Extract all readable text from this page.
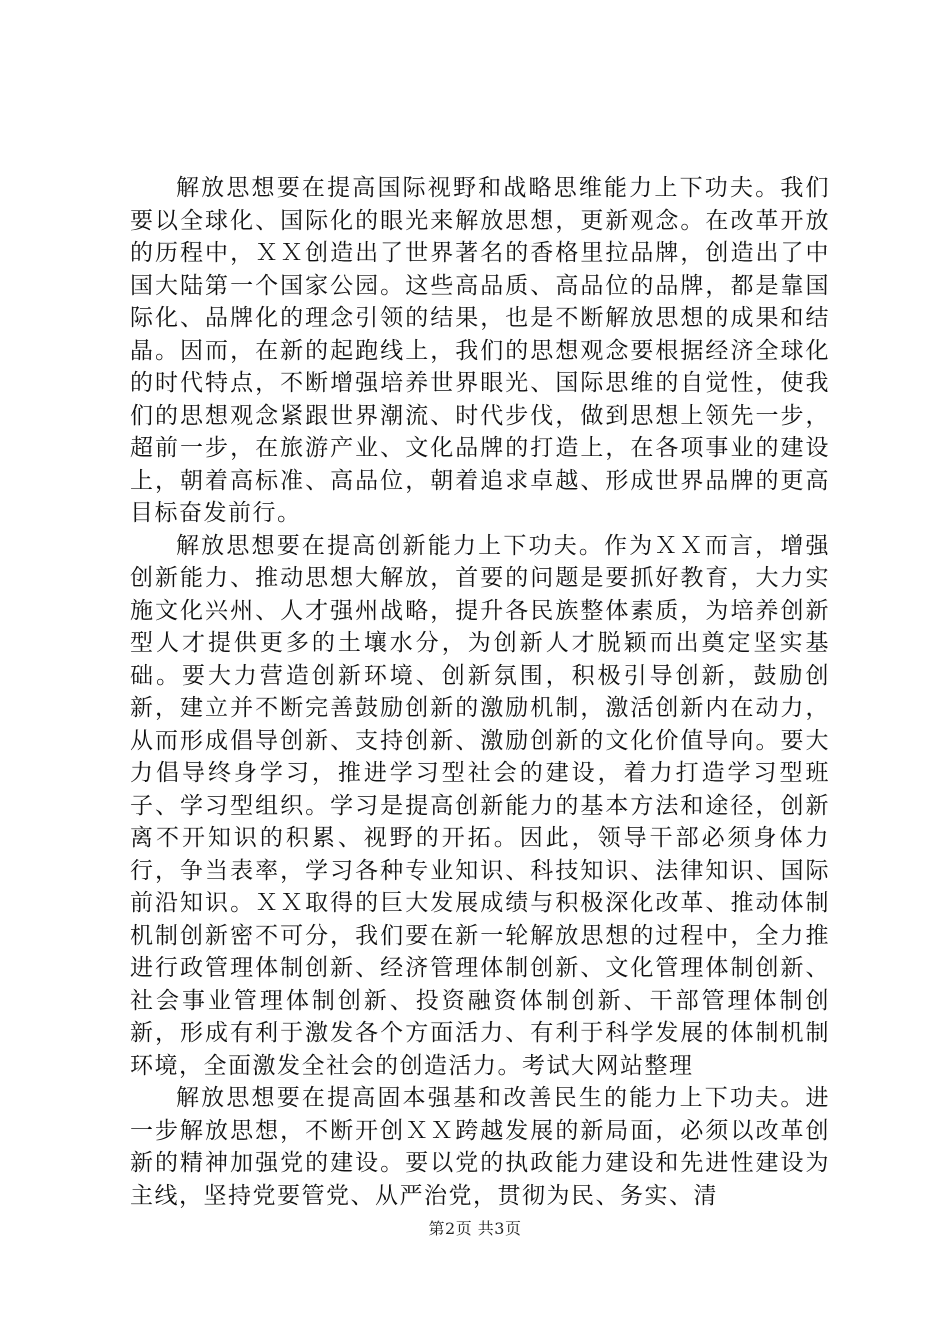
解放思想要在提高国际视野和战略思维能力上下功夫。我们要以全球化、国际化的眼光来解放思想，更新观念。在改革开放的历程中，ＸＸ创造出了世界著名的香格里拉品牌，创造出了中国大陆第一个国家公园。这些高品质、高品位的品牌，都是靠国际化、品牌化的理念引领的结果，也是不断解放思想的成果和结晶。因而，在新的起跑线上，我们的思想观念要根据经济全球化的时代特点，不断增强培养世界眼光、国际思维的自觉性，使我们的思想观念紧跟世界潮流、时代步伐，做到思想上领先一步，超前一步，在旅游产业、文化品牌的打造上，在各项事业的建设上，朝着高标准、高品位，朝着追求卓越、形成世界品牌的更高目标奋发前行。

解放思想要在提高创新能力上下功夫。作为ＸＸ而言，增强创新能力、推动思想大解放，首要的问题是要抓好教育，大力实施文化兴州、人才强州战略，提升各民族整体素质，为培养创新型人才提供更多的土壤水分，为创新人才脱颖而出奠定坚实基础。要大力营造创新环境、创新氛围，积极引导创新，鼓励创新，建立并不断完善鼓励创新的激励机制，激活创新内在动力，从而形成倡导创新、支持创新、激励创新的文化价值导向。要大力倡导终身学习，推进学习型社会的建设，着力打造学习型班子、学习型组织。学习是提高创新能力的基本方法和途径，创新离不开知识的积累、视野的开拓。因此，领导干部必须身体力行，争当表率，学习各种专业知识、科技知识、法律知识、国际前沿知识。ＸＸ取得的巨大发展成绩与积极深化改革、推动体制机制创新密不可分，我们要在新一轮解放思想的过程中，全力推进行政管理体制创新、经济管理体制创新、文化管理体制创新、社会事业管理体制创新、投资融资体制创新、干部管理体制创新，形成有利于激发各个方面活力、有利于科学发展的体制机制环境，全面激发全社会的创造活力。考试大网站整理

解放思想要在提高固本强基和改善民生的能力上下功夫。进一步解放思想，不断开创ＸＸ跨越发展的新局面，必须以改革创新的精神加强党的建设。要以党的执政能力建设和先进性建设为主线，坚持党要管党、从严治党，贯彻为民、务实、清

第2页 共3页
